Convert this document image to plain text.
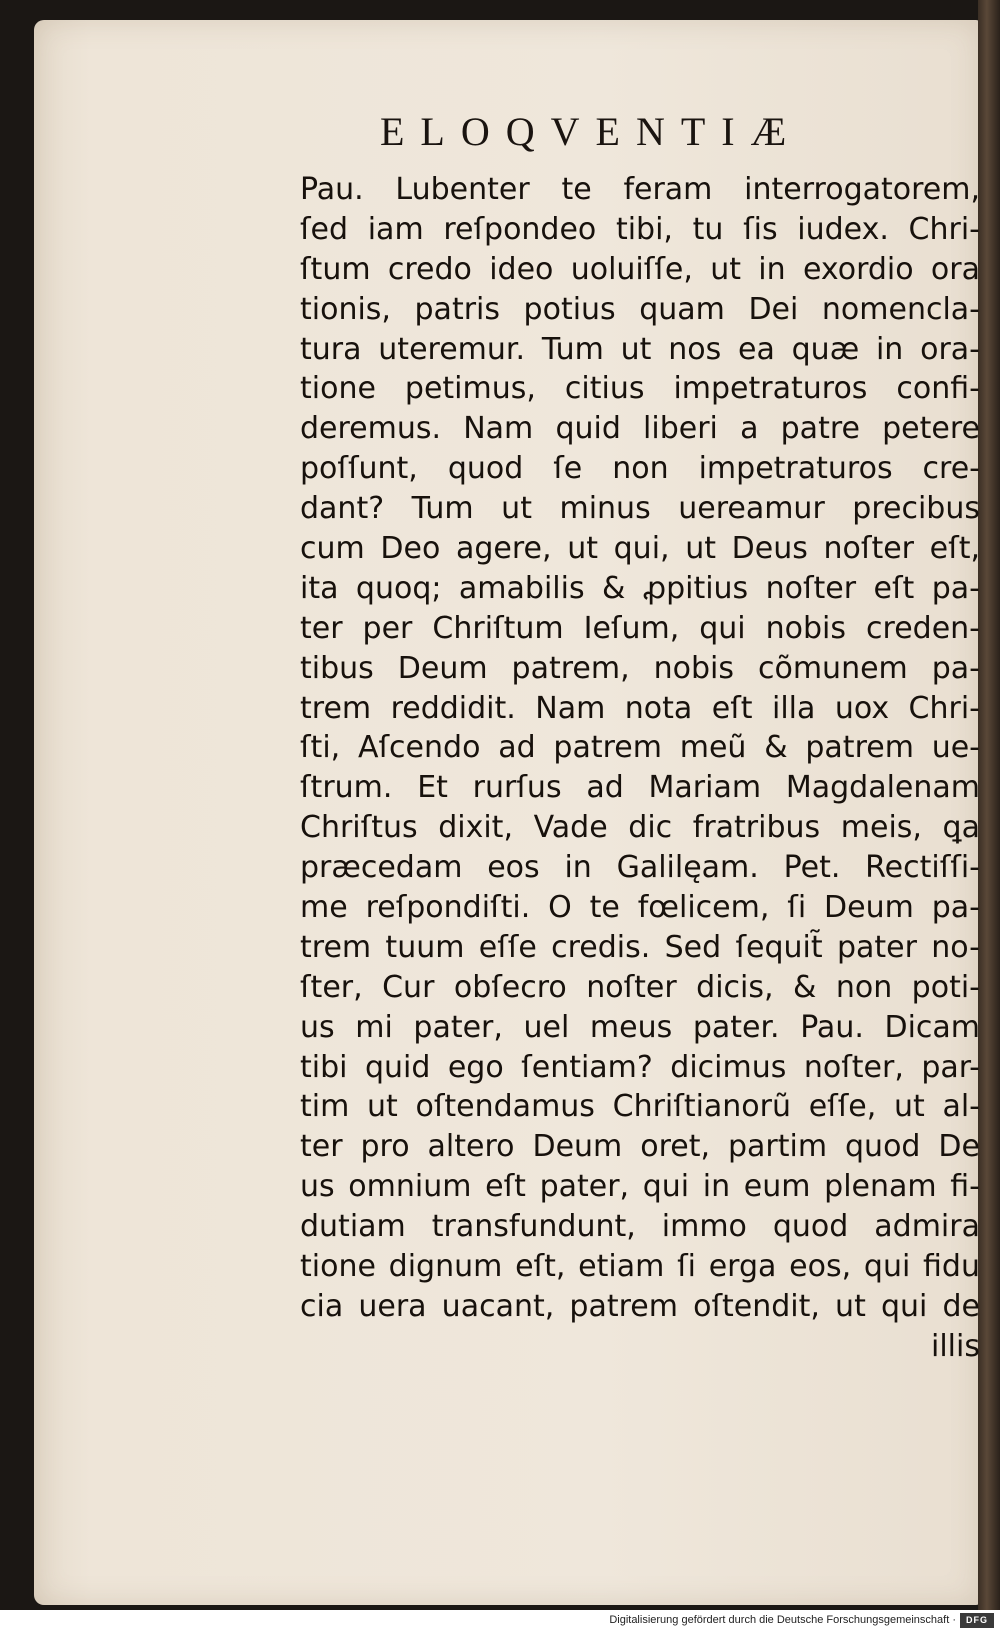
ELOQVENTIÆ
Pau. Lubenter te feram interrogatorem,
ſed iam reſpondeo tibi, tu ſis iudex. Chri-
ſtum credo ideo uoluiſſe, ut in exordio ora
tionis, patris potius quam Dei nomencla-
tura uteremur. Tum ut nos ea quæ in ora-
tione petimus, citius impetraturos confi-
deremus. Nam quid liberi a patre petere
poſſunt, quod ſe non impetraturos cre-
dant? Tum ut minus uereamur precibus
cum Deo agere, ut qui, ut Deus noſter eſt,
ita quoq; amabilis & ꝓpitius noſter eſt pa-
ter per Chriſtum Ieſum, qui nobis creden-
tibus Deum patrem, nobis cõmunem pa-
trem reddidit. Nam nota eſt illa uox Chri-
ſti, Aſcendo ad patrem meũ & patrem ue-
ſtrum. Et rurſus ad Mariam Magdalenam
Chriſtus dixit, Vade dic fratribus meis, ꝗa
præcedam eos in Galilęam. Pet. Rectiſſi-
me reſpondiſti. O te fœlicem, ſi Deum pa-
trem tuum eſſe credis. Sed ſequit̃ pater no-
ſter, Cur obſecro noſter dicis, & non poti-
us mi pater, uel meus pater. Pau. Dicam
tibi quid ego ſentiam? dicimus noſter, par-
tim ut oſtendamus Chriſtianorũ eſſe, ut al-
ter pro altero Deum oret, partim quod De
us omnium eſt pater, qui in eum plenam fi-
dutiam transfundunt, immo quod admira
tione dignum eſt, etiam ſi erga eos, qui fidu
cia uera uacant, patrem oſtendit, ut qui de
illis
Digitalisierung gefördert durch die Deutsche Forschungsgemeinschaft ·	DFG
